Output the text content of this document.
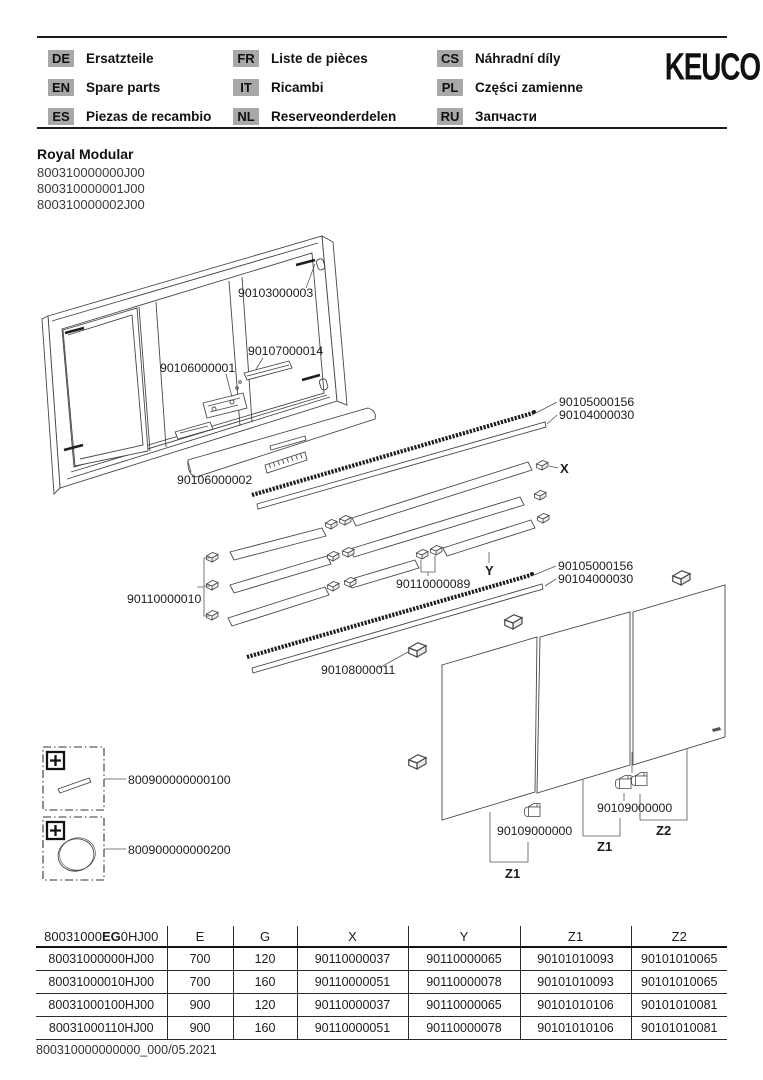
DE Ersatzteile
EN Spare parts
ES	Piezas de recambio
FR	Liste de pièces
IT	Ricambi
NL	Reserveonderdelen
CS Náhradní díly
PL	Części zamienne
RU Запчасти
KEUCO
Royal Modular
800310000000J00
800310000001J00
800310000002J00
90103000003
90107000014
90106000001
90106000002
90105000156
90104000030
90110000010
X
Y
90110000089
90105000156
90104000030
90108000011
90109000000
Z1
90109000000
Z1
Z2
800900000000100
800900000000200
80031000EG0HJ00	E	G	X	Y	Z1	Z2
80031000000HJ00	700	120	90110000037	90110000065	90101010093	90101010065
80031000010HJ00	700	160	90110000051	90110000078	90101010093	90101010065
80031000100HJ00	900	120	90110000037	90110000065	90101010106	90101010081
80031000110HJ00	900	160	90110000051	90110000078	90101010106	90101010081
800310000000000_000/05.2021
